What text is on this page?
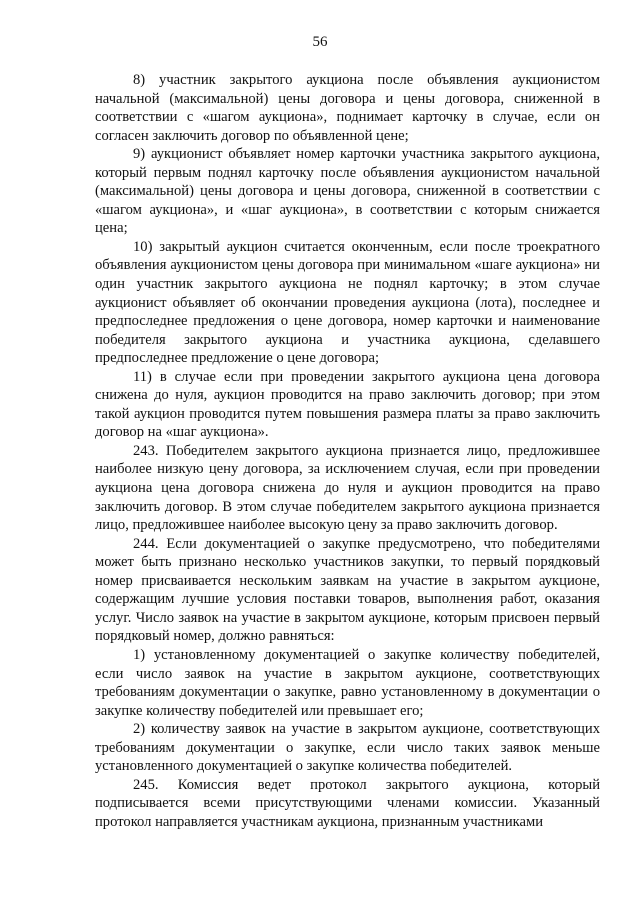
56

8) участник закрытого аукциона после объявления аукционистом начальной (максимальной) цены договора и цены договора, сниженной в соответствии с «шагом аукциона», поднимает карточку в случае, если он согласен заключить договор по объявленной цене;

9) аукционист объявляет номер карточки участника закрытого аукциона, который первым поднял карточку после объявления аукционистом начальной (максимальной) цены договора и цены договора, сниженной в соответствии с «шагом аукциона», и «шаг аукциона», в соответствии с которым снижается цена;

10) закрытый аукцион считается оконченным, если после троекратного объявления аукционистом цены договора при минимальном «шаге аукциона» ни один участник закрытого аукциона не поднял карточку; в этом случае аукционист объявляет об окончании проведения аукциона (лота), последнее и предпоследнее предложения о цене договора, номер карточки и наименование победителя закрытого аукциона и участника аукциона, сделавшего предпоследнее предложение о цене договора;

11) в случае если при проведении закрытого аукциона цена договора снижена до нуля, аукцион проводится на право заключить договор; при этом такой аукцион проводится путем повышения размера платы за право заключить договор на «шаг аукциона».

243. Победителем закрытого аукциона признается лицо, предложившее наиболее низкую цену договора, за исключением случая, если при проведении аукциона цена договора снижена до нуля и аукцион проводится на право заключить договор. В этом случае победителем закрытого аукциона признается лицо, предложившее наиболее высокую цену за право заключить договор.

244. Если документацией о закупке предусмотрено, что победителями может быть признано несколько участников закупки, то первый порядковый номер присваивается нескольким заявкам на участие в закрытом аукционе, содержащим лучшие условия поставки товаров, выполнения работ, оказания услуг. Число заявок на участие в закрытом аукционе, которым присвоен первый порядковый номер, должно равняться:

1) установленному документацией о закупке количеству победителей, если число заявок на участие в закрытом аукционе, соответствующих требованиям документации о закупке, равно установленному в документации о закупке количеству победителей или превышает его;

2) количеству заявок на участие в закрытом аукционе, соответствующих требованиям документации о закупке, если число таких заявок меньше установленного документацией о закупке количества победителей.

245. Комиссия ведет протокол закрытого аукциона, который подписывается всеми присутствующими членами комиссии. Указанный протокол направляется участникам аукциона, признанным участниками
